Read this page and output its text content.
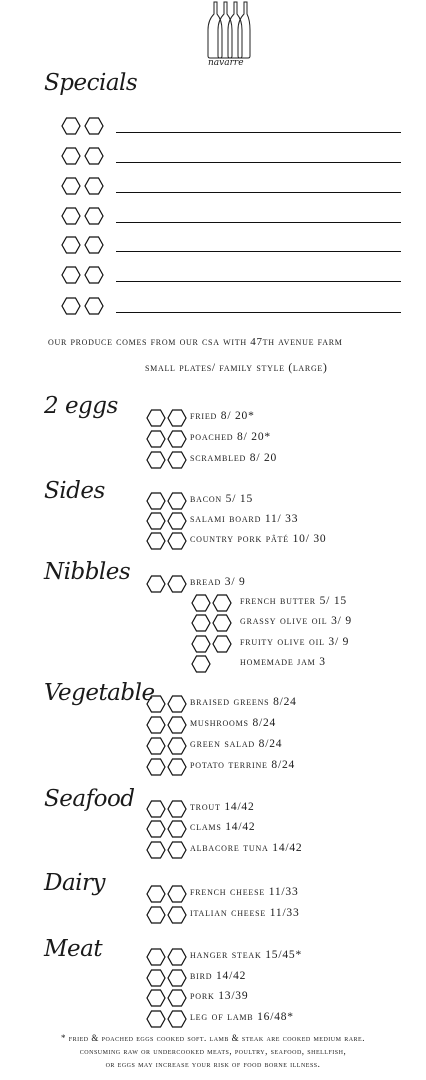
navarre
Specials
our produce comes from our csa with 47th avenue farm
small plates/ family style (large)
2 eggs	fried 8/ 20*
poached 8/ 20*
scrambled 8/ 20
Sides	bacon 5/ 15
salami board 11/ 33
country pork pâté 10/ 30
Nibbles	bread 3/ 9
french butter 5/ 15
grassy olive oil 3/ 9
fruity olive oil 3/ 9
homemade jam 3
Vegetable	braised greens 8/24
mushrooms 8/24
green salad 8/24
potato terrine 8/24
Seafood	trout 14/42
clams 14/42
albacore tuna 14/42
Dairy	french cheese 11/33
italian cheese 11/33
Meat	hanger steak 15/45*
bird 14/42
pork 13/39
leg of lamb 16/48*
* fried & poached eggs cooked soft. lamb & steak are cooked medium rare.
consuming raw or undercooked meats, poultry, seafood, shellfish,
or eggs may increase your risk of food borne illness.
